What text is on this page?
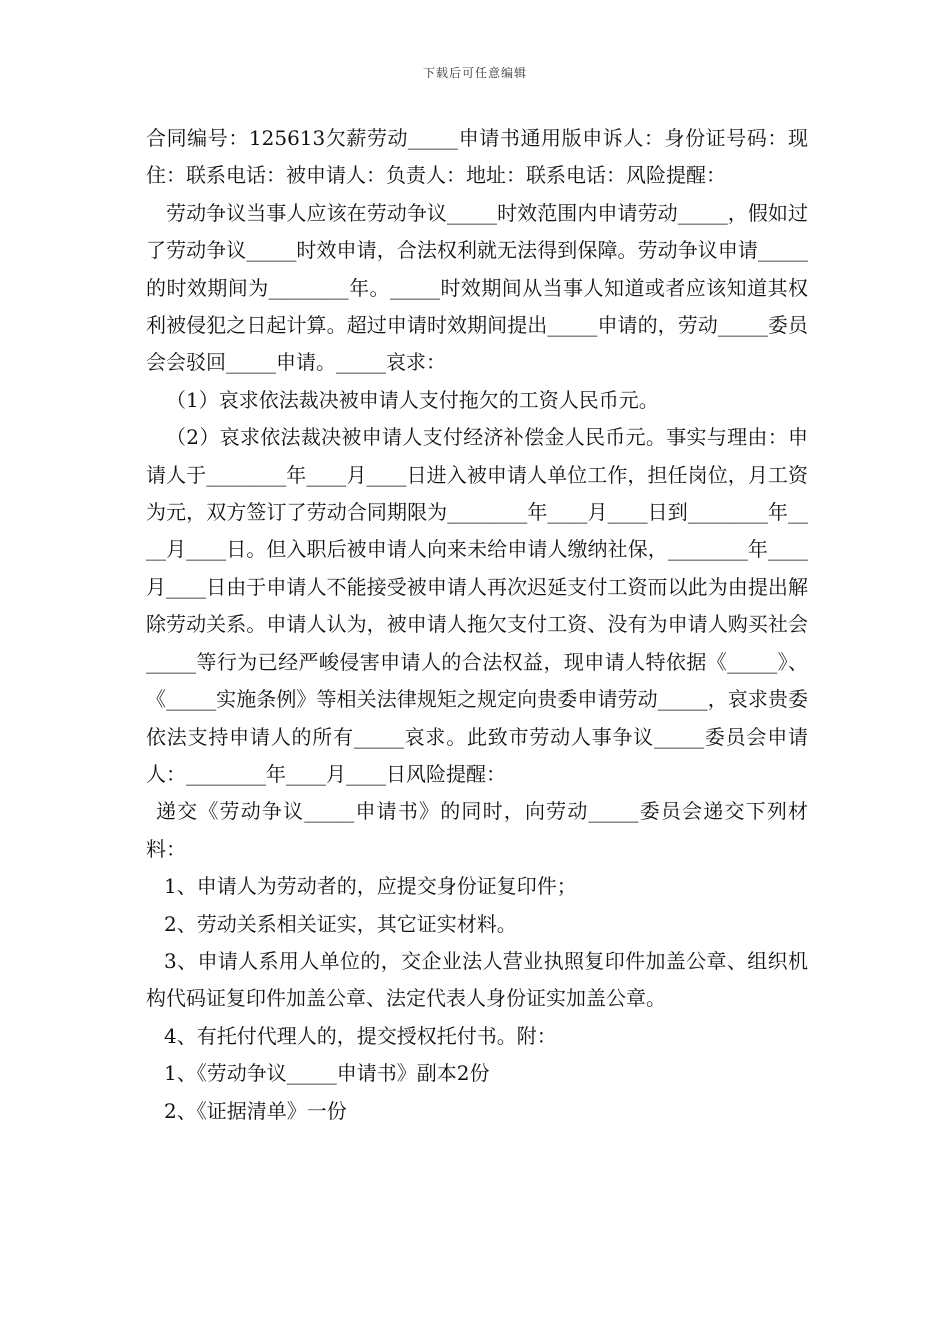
下载后可任意编辑

合同编号：125613欠薪劳动_____申请书通用版申诉人：身份证号码：现住：联系电话：被申请人：负责人：地址：联系电话：风险提醒：

劳动争议当事人应该在劳动争议_____时效范围内申请劳动_____，假如过了劳动争议_____时效申请，合法权利就无法得到保障。劳动争议申请_____的时效期间为________年。_____时效期间从当事人知道或者应该知道其权利被侵犯之日起计算。超过申请时效期间提出_____申请的，劳动_____委员会会驳回_____申请。_____哀求：

（1）哀求依法裁决被申请人支付拖欠的工资人民币元。

（2）哀求依法裁决被申请人支付经济补偿金人民币元。事实与理由：申请人于________年____月____日进入被申请人单位工作，担任岗位，月工资为元，双方签订了劳动合同期限为________年____月____日到________年____月____日。但入职后被申请人向来未给申请人缴纳社保，________年____月____日由于申请人不能接受被申请人再次迟延支付工资而以此为由提出解除劳动关系。申请人认为，被申请人拖欠支付工资、没有为申请人购买社会_____等行为已经严峻侵害申请人的合法权益，现申请人特依据《_____》、《_____实施条例》等相关法律规矩之规定向贵委申请劳动_____，哀求贵委依法支持申请人的所有_____哀求。此致市劳动人事争议_____委员会申请人：________年____月____日风险提醒：

递交《劳动争议_____申请书》的同时，向劳动_____委员会递交下列材料：

1、申请人为劳动者的，应提交身份证复印件；

2、劳动关系相关证实，其它证实材料。

3、申请人系用人单位的，交企业法人营业执照复印件加盖公章、组织机构代码证复印件加盖公章、法定代表人身份证实加盖公章。

4、有托付代理人的，提交授权托付书。附：

1、《劳动争议_____申请书》副本2份

2、《证据清单》一份
